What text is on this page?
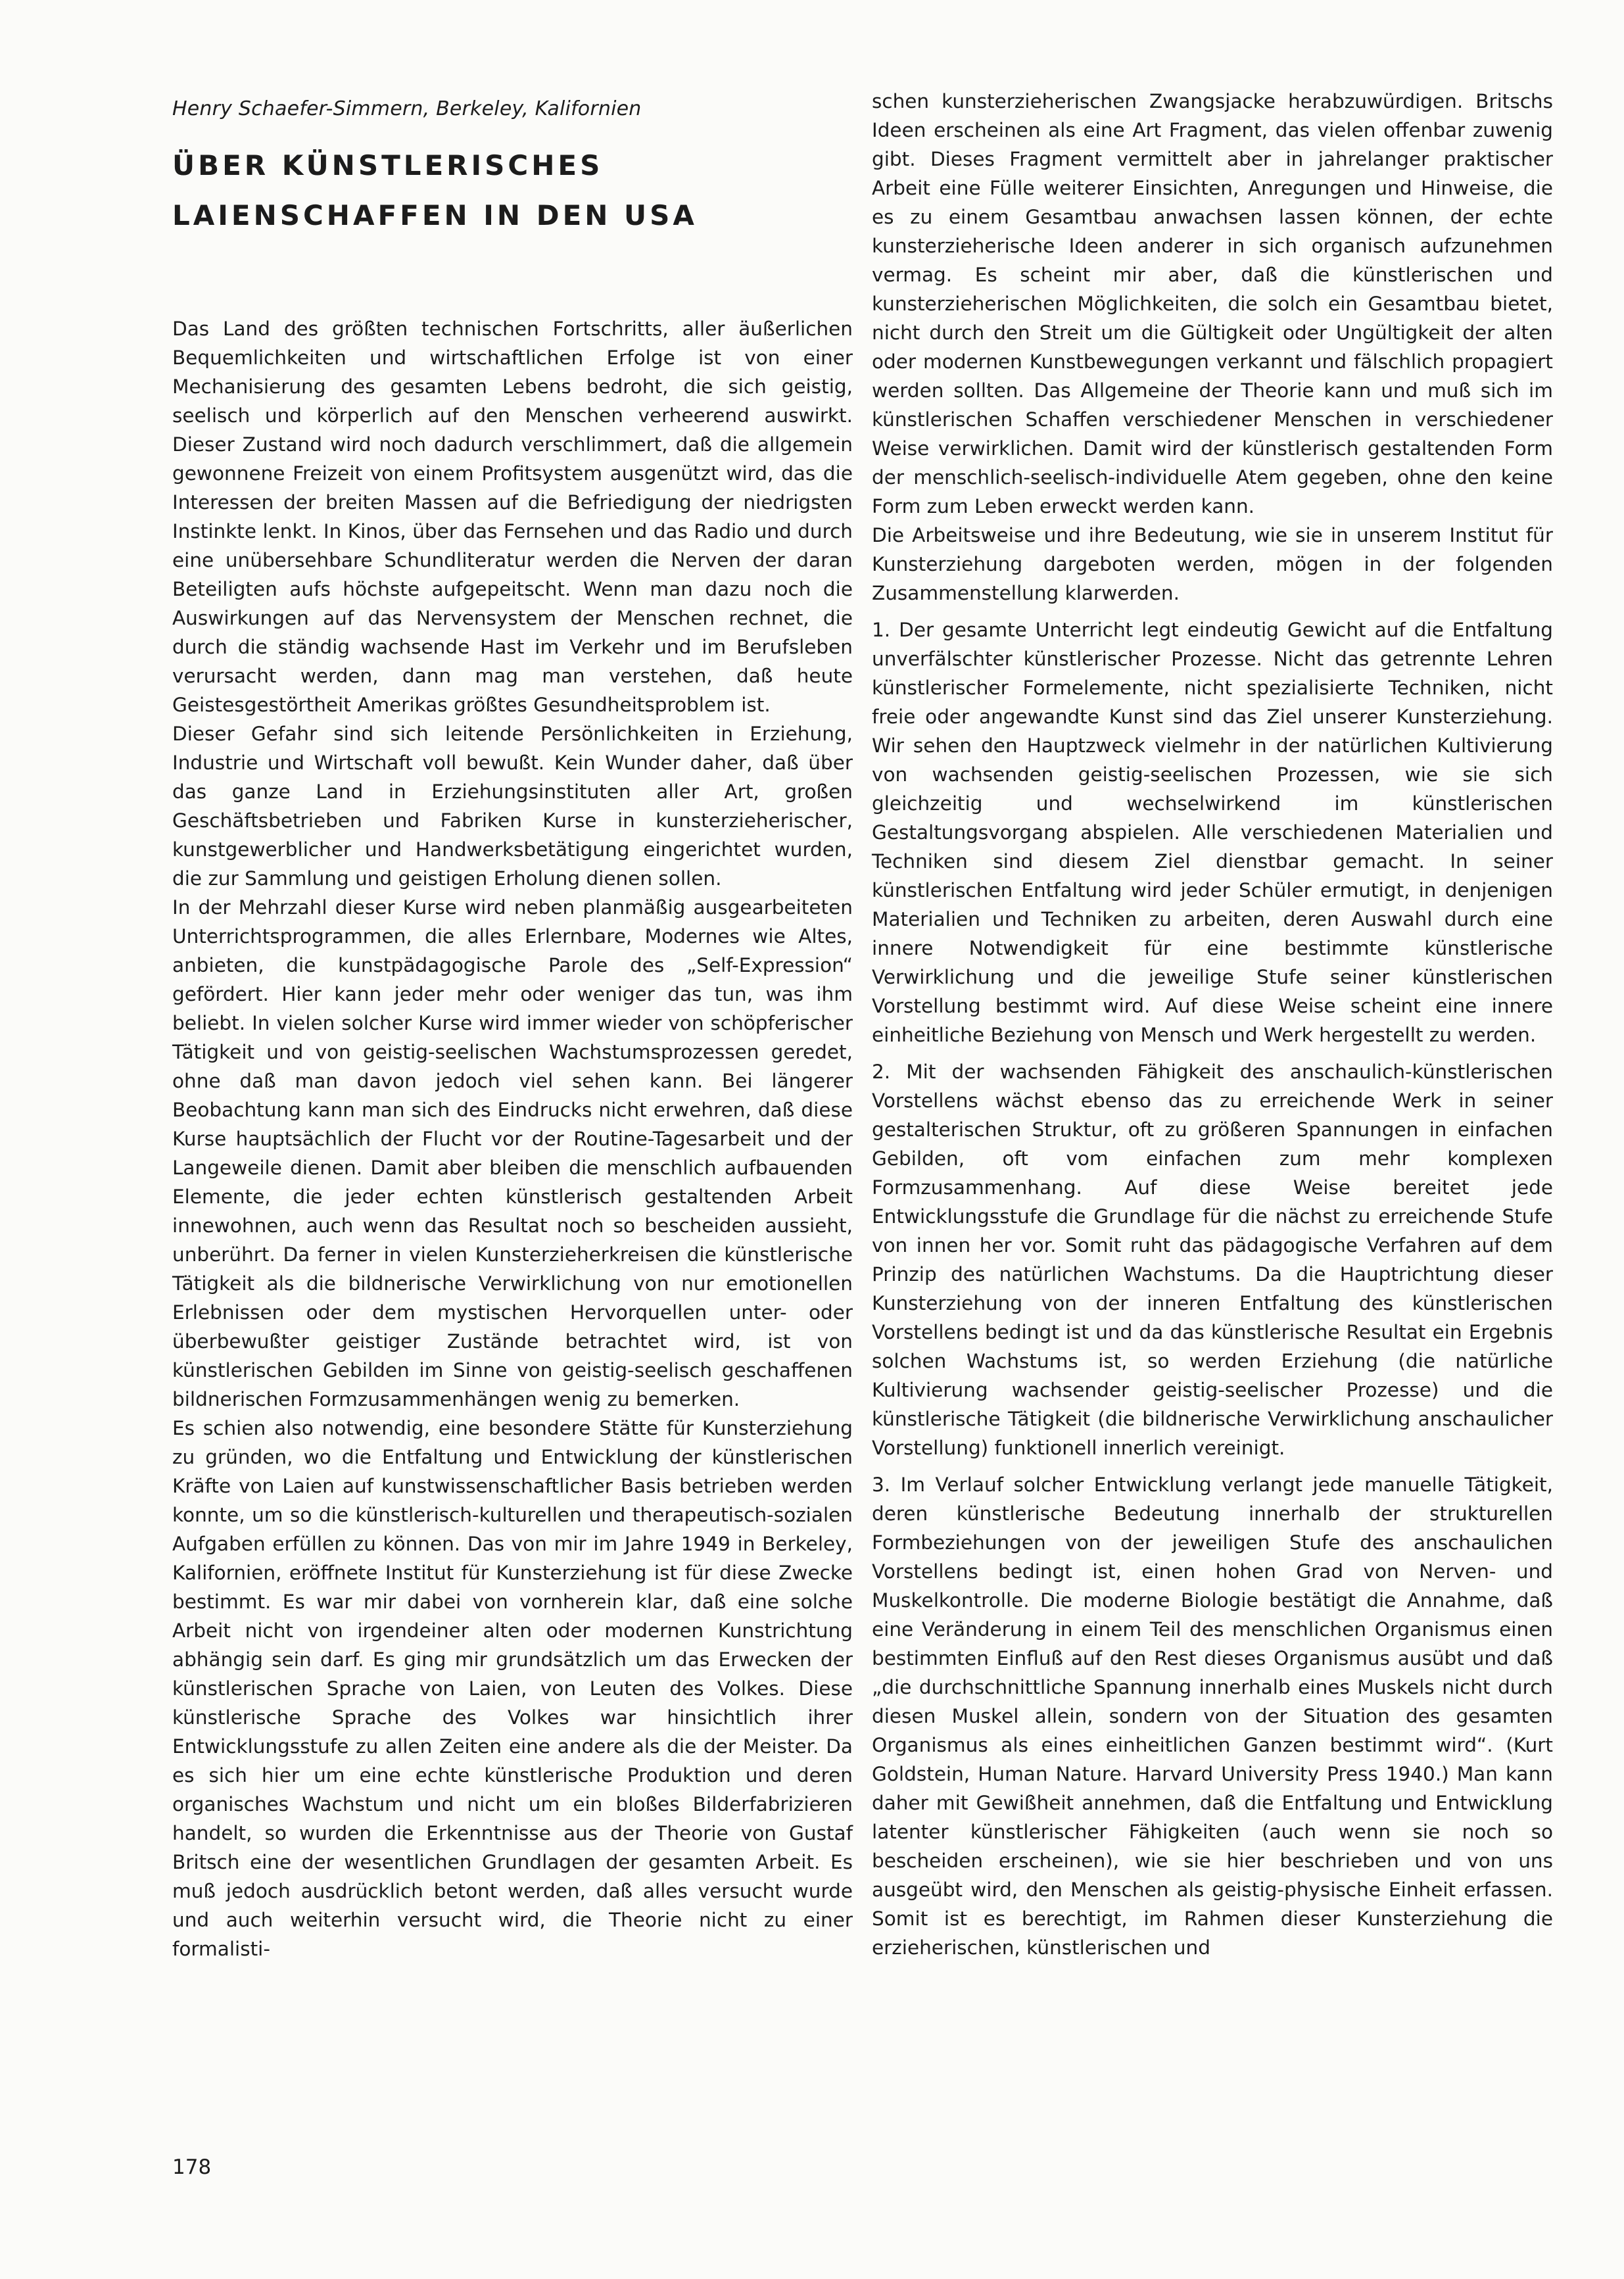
Henry Schaefer-Simmern, Berkeley, Kalifornien

ÜBER KÜNSTLERISCHES LAIENSCHAFFEN IN DEN USA

Das Land des größten technischen Fortschritts, aller äußerlichen Bequemlichkeiten und wirtschaftlichen Erfolge ist von einer Mechanisierung des gesamten Lebens bedroht, die sich geistig, seelisch und körperlich auf den Menschen verheerend auswirkt. Dieser Zustand wird noch dadurch verschlimmert, daß die allgemein gewonnene Freizeit von einem Profitsystem ausgenützt wird, das die Interessen der breiten Massen auf die Befriedigung der niedrigsten Instinkte lenkt. In Kinos, über das Fernsehen und das Radio und durch eine unübersehbare Schundliteratur werden die Nerven der daran Beteiligten aufs höchste aufgepeitscht. Wenn man dazu noch die Auswirkungen auf das Nervensystem der Menschen rechnet, die durch die ständig wachsende Hast im Verkehr und im Berufsleben verursacht werden, dann mag man verstehen, daß heute Geistesgestörtheit Amerikas größtes Gesundheitsproblem ist.

Dieser Gefahr sind sich leitende Persönlichkeiten in Erziehung, Industrie und Wirtschaft voll bewußt. Kein Wunder daher, daß über das ganze Land in Erziehungsinstituten aller Art, großen Geschäftsbetrieben und Fabriken Kurse in kunsterzieherischer, kunstgewerblicher und Handwerksbetätigung eingerichtet wurden, die zur Sammlung und geistigen Erholung dienen sollen.

In der Mehrzahl dieser Kurse wird neben planmäßig ausgearbeiteten Unterrichtsprogrammen, die alles Erlernbare, Modernes wie Altes, anbieten, die kunstpädagogische Parole des „Self-Expression“ gefördert. Hier kann jeder mehr oder weniger das tun, was ihm beliebt. In vielen solcher Kurse wird immer wieder von schöpferischer Tätigkeit und von geistig-seelischen Wachstumsprozessen geredet, ohne daß man davon jedoch viel sehen kann. Bei längerer Beobachtung kann man sich des Eindrucks nicht erwehren, daß diese Kurse hauptsächlich der Flucht vor der Routine-Tagesarbeit und der Langeweile dienen. Damit aber bleiben die menschlich aufbauenden Elemente, die jeder echten künstlerisch gestaltenden Arbeit innewohnen, auch wenn das Resultat noch so bescheiden aussieht, unberührt. Da ferner in vielen Kunsterzieherkreisen die künstlerische Tätigkeit als die bildnerische Verwirklichung von nur emotionellen Erlebnissen oder dem mystischen Hervorquellen unter- oder überbewußter geistiger Zustände betrachtet wird, ist von künstlerischen Gebilden im Sinne von geistig-seelisch geschaffenen bildnerischen Formzusammenhängen wenig zu bemerken.

Es schien also notwendig, eine besondere Stätte für Kunsterziehung zu gründen, wo die Entfaltung und Entwicklung der künstlerischen Kräfte von Laien auf kunstwissenschaftlicher Basis betrieben werden konnte, um so die künstlerisch-kulturellen und therapeutisch-sozialen Aufgaben erfüllen zu können. Das von mir im Jahre 1949 in Berkeley, Kalifornien, eröffnete Institut für Kunsterziehung ist für diese Zwecke bestimmt. Es war mir dabei von vornherein klar, daß eine solche Arbeit nicht von irgendeiner alten oder modernen Kunstrichtung abhängig sein darf. Es ging mir grundsätzlich um das Erwecken der künstlerischen Sprache von Laien, von Leuten des Volkes. Diese künstlerische Sprache des Volkes war hinsichtlich ihrer Entwicklungsstufe zu allen Zeiten eine andere als die der Meister. Da es sich hier um eine echte künstlerische Produktion und deren organisches Wachstum und nicht um ein bloßes Bilderfabrizieren handelt, so wurden die Erkenntnisse aus der Theorie von Gustaf Britsch eine der wesentlichen Grundlagen der gesamten Arbeit. Es muß jedoch ausdrücklich betont werden, daß alles versucht wurde und auch weiterhin versucht wird, die Theorie nicht zu einer formalisti-

schen kunsterzieherischen Zwangsjacke herabzuwürdigen. Britschs Ideen erscheinen als eine Art Fragment, das vielen offenbar zuwenig gibt. Dieses Fragment vermittelt aber in jahrelanger praktischer Arbeit eine Fülle weiterer Einsichten, Anregungen und Hinweise, die es zu einem Gesamtbau anwachsen lassen können, der echte kunsterzieherische Ideen anderer in sich organisch aufzunehmen vermag. Es scheint mir aber, daß die künstlerischen und kunsterzieherischen Möglichkeiten, die solch ein Gesamtbau bietet, nicht durch den Streit um die Gültigkeit oder Ungültigkeit der alten oder modernen Kunstbewegungen verkannt und fälschlich propagiert werden sollten. Das Allgemeine der Theorie kann und muß sich im künstlerischen Schaffen verschiedener Menschen in verschiedener Weise verwirklichen. Damit wird der künstlerisch gestaltenden Form der menschlich-seelisch-individuelle Atem gegeben, ohne den keine Form zum Leben erweckt werden kann.

Die Arbeitsweise und ihre Bedeutung, wie sie in unserem Institut für Kunsterziehung dargeboten werden, mögen in der folgenden Zusammenstellung klarwerden.

1. Der gesamte Unterricht legt eindeutig Gewicht auf die Entfaltung unverfälschter künstlerischer Prozesse. Nicht das getrennte Lehren künstlerischer Formelemente, nicht spezialisierte Techniken, nicht freie oder angewandte Kunst sind das Ziel unserer Kunsterziehung. Wir sehen den Hauptzweck vielmehr in der natürlichen Kultivierung von wachsenden geistig-seelischen Prozessen, wie sie sich gleichzeitig und wechselwirkend im künstlerischen Gestaltungsvorgang abspielen. Alle verschiedenen Materialien und Techniken sind diesem Ziel dienstbar gemacht. In seiner künstlerischen Entfaltung wird jeder Schüler ermutigt, in denjenigen Materialien und Techniken zu arbeiten, deren Auswahl durch eine innere Notwendigkeit für eine bestimmte künstlerische Verwirklichung und die jeweilige Stufe seiner künstlerischen Vorstellung bestimmt wird. Auf diese Weise scheint eine innere einheitliche Beziehung von Mensch und Werk hergestellt zu werden.

2. Mit der wachsenden Fähigkeit des anschaulich-künstlerischen Vorstellens wächst ebenso das zu erreichende Werk in seiner gestalterischen Struktur, oft zu größeren Spannungen in einfachen Gebilden, oft vom einfachen zum mehr komplexen Formzusammenhang. Auf diese Weise bereitet jede Entwicklungsstufe die Grundlage für die nächst zu erreichende Stufe von innen her vor. Somit ruht das pädagogische Verfahren auf dem Prinzip des natürlichen Wachstums. Da die Hauptrichtung dieser Kunsterziehung von der inneren Entfaltung des künstlerischen Vorstellens bedingt ist und da das künstlerische Resultat ein Ergebnis solchen Wachstums ist, so werden Erziehung (die natürliche Kultivierung wachsender geistig-seelischer Prozesse) und die künstlerische Tätigkeit (die bildnerische Verwirklichung anschaulicher Vorstellung) funktionell innerlich vereinigt.

3. Im Verlauf solcher Entwicklung verlangt jede manuelle Tätigkeit, deren künstlerische Bedeutung innerhalb der strukturellen Formbeziehungen von der jeweiligen Stufe des anschaulichen Vorstellens bedingt ist, einen hohen Grad von Nerven- und Muskelkontrolle. Die moderne Biologie bestätigt die Annahme, daß eine Veränderung in einem Teil des menschlichen Organismus einen bestimmten Einfluß auf den Rest dieses Organismus ausübt und daß „die durchschnittliche Spannung innerhalb eines Muskels nicht durch diesen Muskel allein, sondern von der Situation des gesamten Organismus als eines einheitlichen Ganzen bestimmt wird“. (Kurt Goldstein, Human Nature. Harvard University Press 1940.) Man kann daher mit Gewißheit annehmen, daß die Entfaltung und Entwicklung latenter künstlerischer Fähigkeiten (auch wenn sie noch so bescheiden erscheinen), wie sie hier beschrieben und von uns ausgeübt wird, den Menschen als geistig-physische Einheit erfassen. Somit ist es berechtigt, im Rahmen dieser Kunsterziehung die erzieherischen, künstlerischen und

178
